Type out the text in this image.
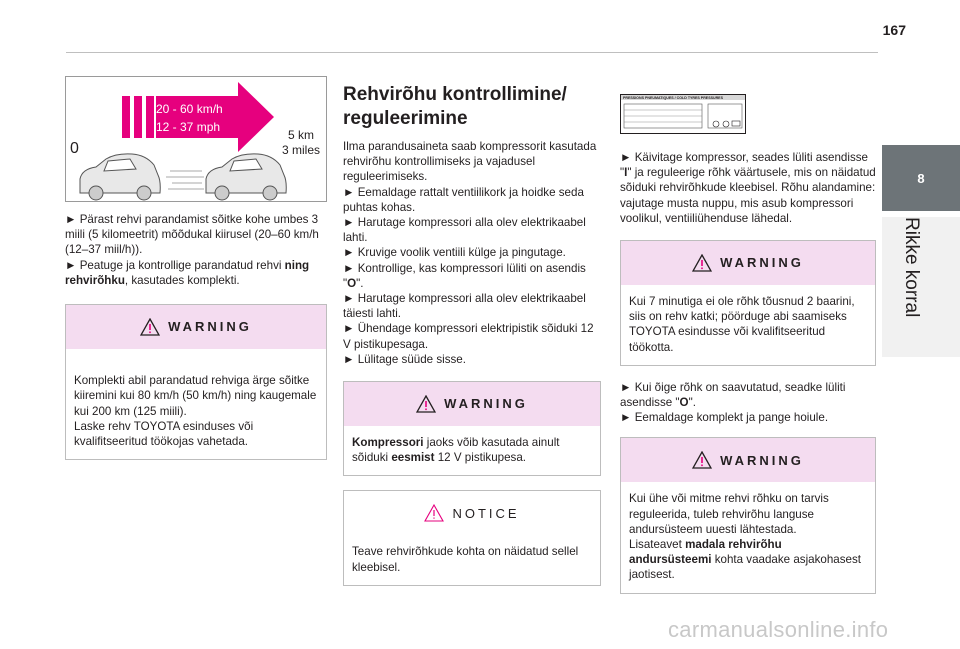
167
8
Rikke korral
20 - 60 km/h
12 - 37 mph
0
5 km
3 miles

► Pärast rehvi parandamist sõitke kohe umbes 3 miili (5 kilomeetrit) mõõdukal kiirusel (20–60 km/h (12–37 miil/h)).

► Peatuge ja kontrollige parandatud rehvi ning rehvirõhku, kasutades komplekti.

WARNING

Komplekti abil parandatud rehviga ärge sõitke kiiremini kui 80 km/h (50 km/h) ning kaugemale kui 200 km (125 miili).
Laske rehv TOYOTA esinduses või kvalifitseeritud töökojas vahetada.

Rehvirõhu kontrollimine/ reguleerimine

Ilma parandusaineta saab kompressorit kasutada rehvirõhu kontrollimiseks ja vajadusel reguleerimiseks.

► Eemaldage rattalt ventiilikork ja hoidke seda puhtas kohas.

► Harutage kompressori alla olev elektrikaabel lahti.

► Kruvige voolik ventiili külge ja pingutage.

► Kontrollige, kas kompressori lüliti on asendis "O".

► Harutage kompressori alla olev elektrikaabel täiesti lahti.

► Ühendage kompressori elektripistik sõiduki 12 V pistikupesaga.

► Lülitage süüde sisse.

WARNING
Kompressori jaoks võib kasutada ainult sõiduki eesmist 12 V pistikupesa.
NOTICE
Teave rehvirõhkude kohta on näidatud sellel kleebisel.
PRESSIONS PNEUMATIQUES / COLD TYRES PRESSURES

► Käivitage kompressor, seades lüliti asendisse "I" ja reguleerige rõhk väärtusele, mis on näidatud sõiduki rehvirõhkude kleebisel. Rõhu alandamine: vajutage musta nuppu, mis asub kompressori voolikul, ventiiliühenduse lähedal.

WARNING
Kui 7 minutiga ei ole rõhk tõusnud 2 baarini, siis on rehv katki; pöörduge abi saamiseks TOYOTA esindusse või kvalifitseeritud töökotta.

► Kui õige rõhk on saavutatud, seadke lüliti asendisse "O".

► Eemaldage komplekt ja pange hoiule.

WARNING
Kui ühe või mitme rehvi rõhku on tarvis reguleerida, tuleb rehvirõhu languse andursüsteem uuesti lähtestada.
Lisateavet madala rehvirõhu andursüsteemi kohta vaadake asjakohasest jaotisest.
carmanualsonline.info
